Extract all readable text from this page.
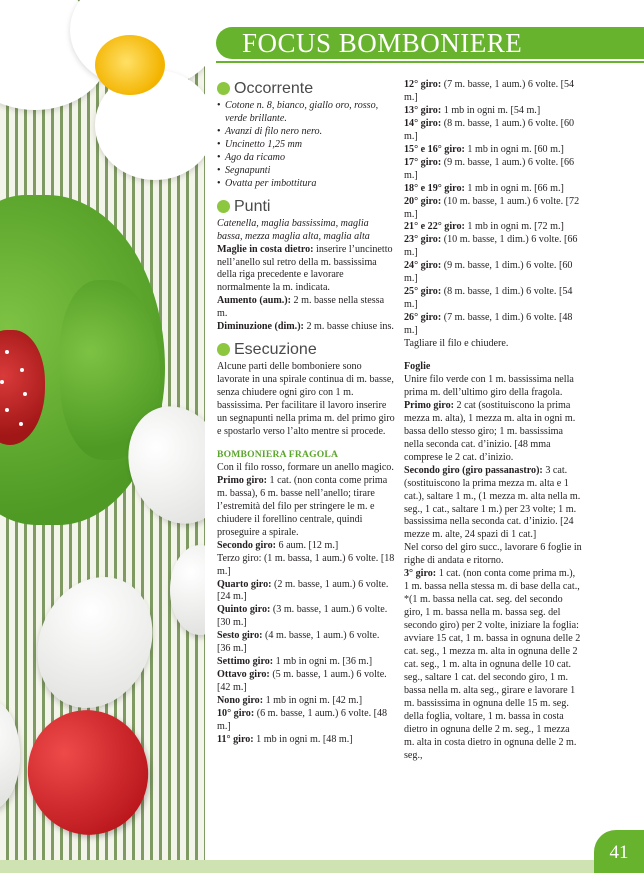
FOCUS BOMBONIERE
Occorrente
• Cotone n. 8, bianco, giallo oro, rosso, verde brillante.
• Avanzi di filo nero nero.
• Uncinetto 1,25 mm
• Ago da ricamo
• Segnapunti
• Ovatta per imbottitura
Punti

Catenella, maglia bassissima, maglia bassa, mezza maglia alta, maglia alta

Maglie in costa dietro: inserire l’uncinetto nell’anello sul retro della m. bassissima della riga precedente e lavorare normalmente la m. indicata.

Aumento (aum.): 2 m. basse nella stessa m.

Diminuzione (dim.): 2 m. basse chiuse ins.

Esecuzione

Alcune parti delle bomboniere sono lavorate in una spirale continua di m. basse, senza chiudere ogni giro con 1 m. bassissima. Per facilitare il lavoro inserire un segnapunti nella prima m. del primo giro e spostarlo verso l’alto mentre si procede.

BOMBONIERA FRAGOLA

Con il filo rosso, formare un anello magico.

Primo giro: 1 cat. (non conta come prima m. bassa), 6 m. basse nell’anello; tirare l’estremità del filo per stringere le m. e chiudere il forellino centrale, quindi proseguire a spirale.

Secondo giro: 6 aum. [12 m.]

Terzo giro: (1 m. bassa, 1 aum.) 6 volte. [18 m.]

Quarto giro: (2 m. basse, 1 aum.) 6 volte. [24 m.]

Quinto giro: (3 m. basse, 1 aum.) 6 volte. [30 m.]

Sesto giro: (4 m. basse, 1 aum.) 6 volte. [36 m.]

Settimo giro: 1 mb in ogni m. [36 m.]

Ottavo giro: (5 m. basse, 1 aum.) 6 volte. [42 m.]

Nono giro: 1 mb in ogni m. [42 m.]

10° giro: (6 m. basse, 1 aum.) 6 volte. [48 m.]

11° giro: 1 mb in ogni m. [48 m.]

12° giro: (7 m. basse, 1 aum.) 6 volte. [54 m.]

13° giro: 1 mb in ogni m. [54 m.]

14° giro: (8 m. basse, 1 aum.) 6 volte. [60 m.]

15° e 16° giro: 1 mb in ogni m. [60 m.]

17° giro: (9 m. basse, 1 aum.) 6 volte. [66 m.]

18° e 19° giro: 1 mb in ogni m. [66 m.]

20° giro: (10 m. basse, 1 aum.) 6 volte. [72 m.]

21° e 22° giro: 1 mb in ogni m. [72 m.]

23° giro: (10 m. basse, 1 dim.) 6 volte. [66 m.]

24° giro: (9 m. basse, 1 dim.) 6 volte. [60 m.]

25° giro: (8 m. basse, 1 dim.) 6 volte. [54 m.]

26° giro: (7 m. basse, 1 dim.) 6 volte. [48 m.]

Tagliare il filo e chiudere.

Foglie

Unire filo verde con 1 m. bassissima nella prima m. dell’ultimo giro della fragola.

Primo giro: 2 cat (sostituiscono la prima mezza m. alta), 1 mezza m. alta in ogni m. bassa dello stesso giro; 1 m. bassissima nella seconda cat. d’inizio. [48 mma comprese le 2 cat. d’inizio.

Secondo giro (giro passanastro): 3 cat. (sostituiscono la prima mezza m. alta e 1 cat.), saltare 1 m., (1 mezza m. alta nella m. seg., 1 cat., saltare 1 m.) per 23 volte; 1 m. bassissima nella seconda cat. d’inizio. [24 mezze m. alte, 24 spazi di 1 cat.]

Nel corso del giro succ., lavorare 6 foglie in righe di andata e ritorno.

3° giro: 1 cat. (non conta come prima m.), 1 m. bassa nella stessa m. di base della cat., *(1 m. bassa nella cat. seg. del secondo giro, 1 m. bassa nella m. bassa seg. del secondo giro) per 2 volte, iniziare la foglia: avviare 15 cat, 1 m. bassa in ognuna delle 2 cat. seg., 1 mezza m. alta in ognuna delle 2 cat. seg., 1 m. alta in ognuna delle 10 cat. seg., saltare 1 cat. del secondo giro, 1 m. bassa nella m. alta seg., girare e lavorare 1 m. bassissima in ognuna delle 15 m. seg. della foglia, voltare, 1 m. bassa in costa dietro in ognuna delle 2 m. seg., 1 mezza m. alta in costa dietro in ognuna delle 2 m. seg.,

41
